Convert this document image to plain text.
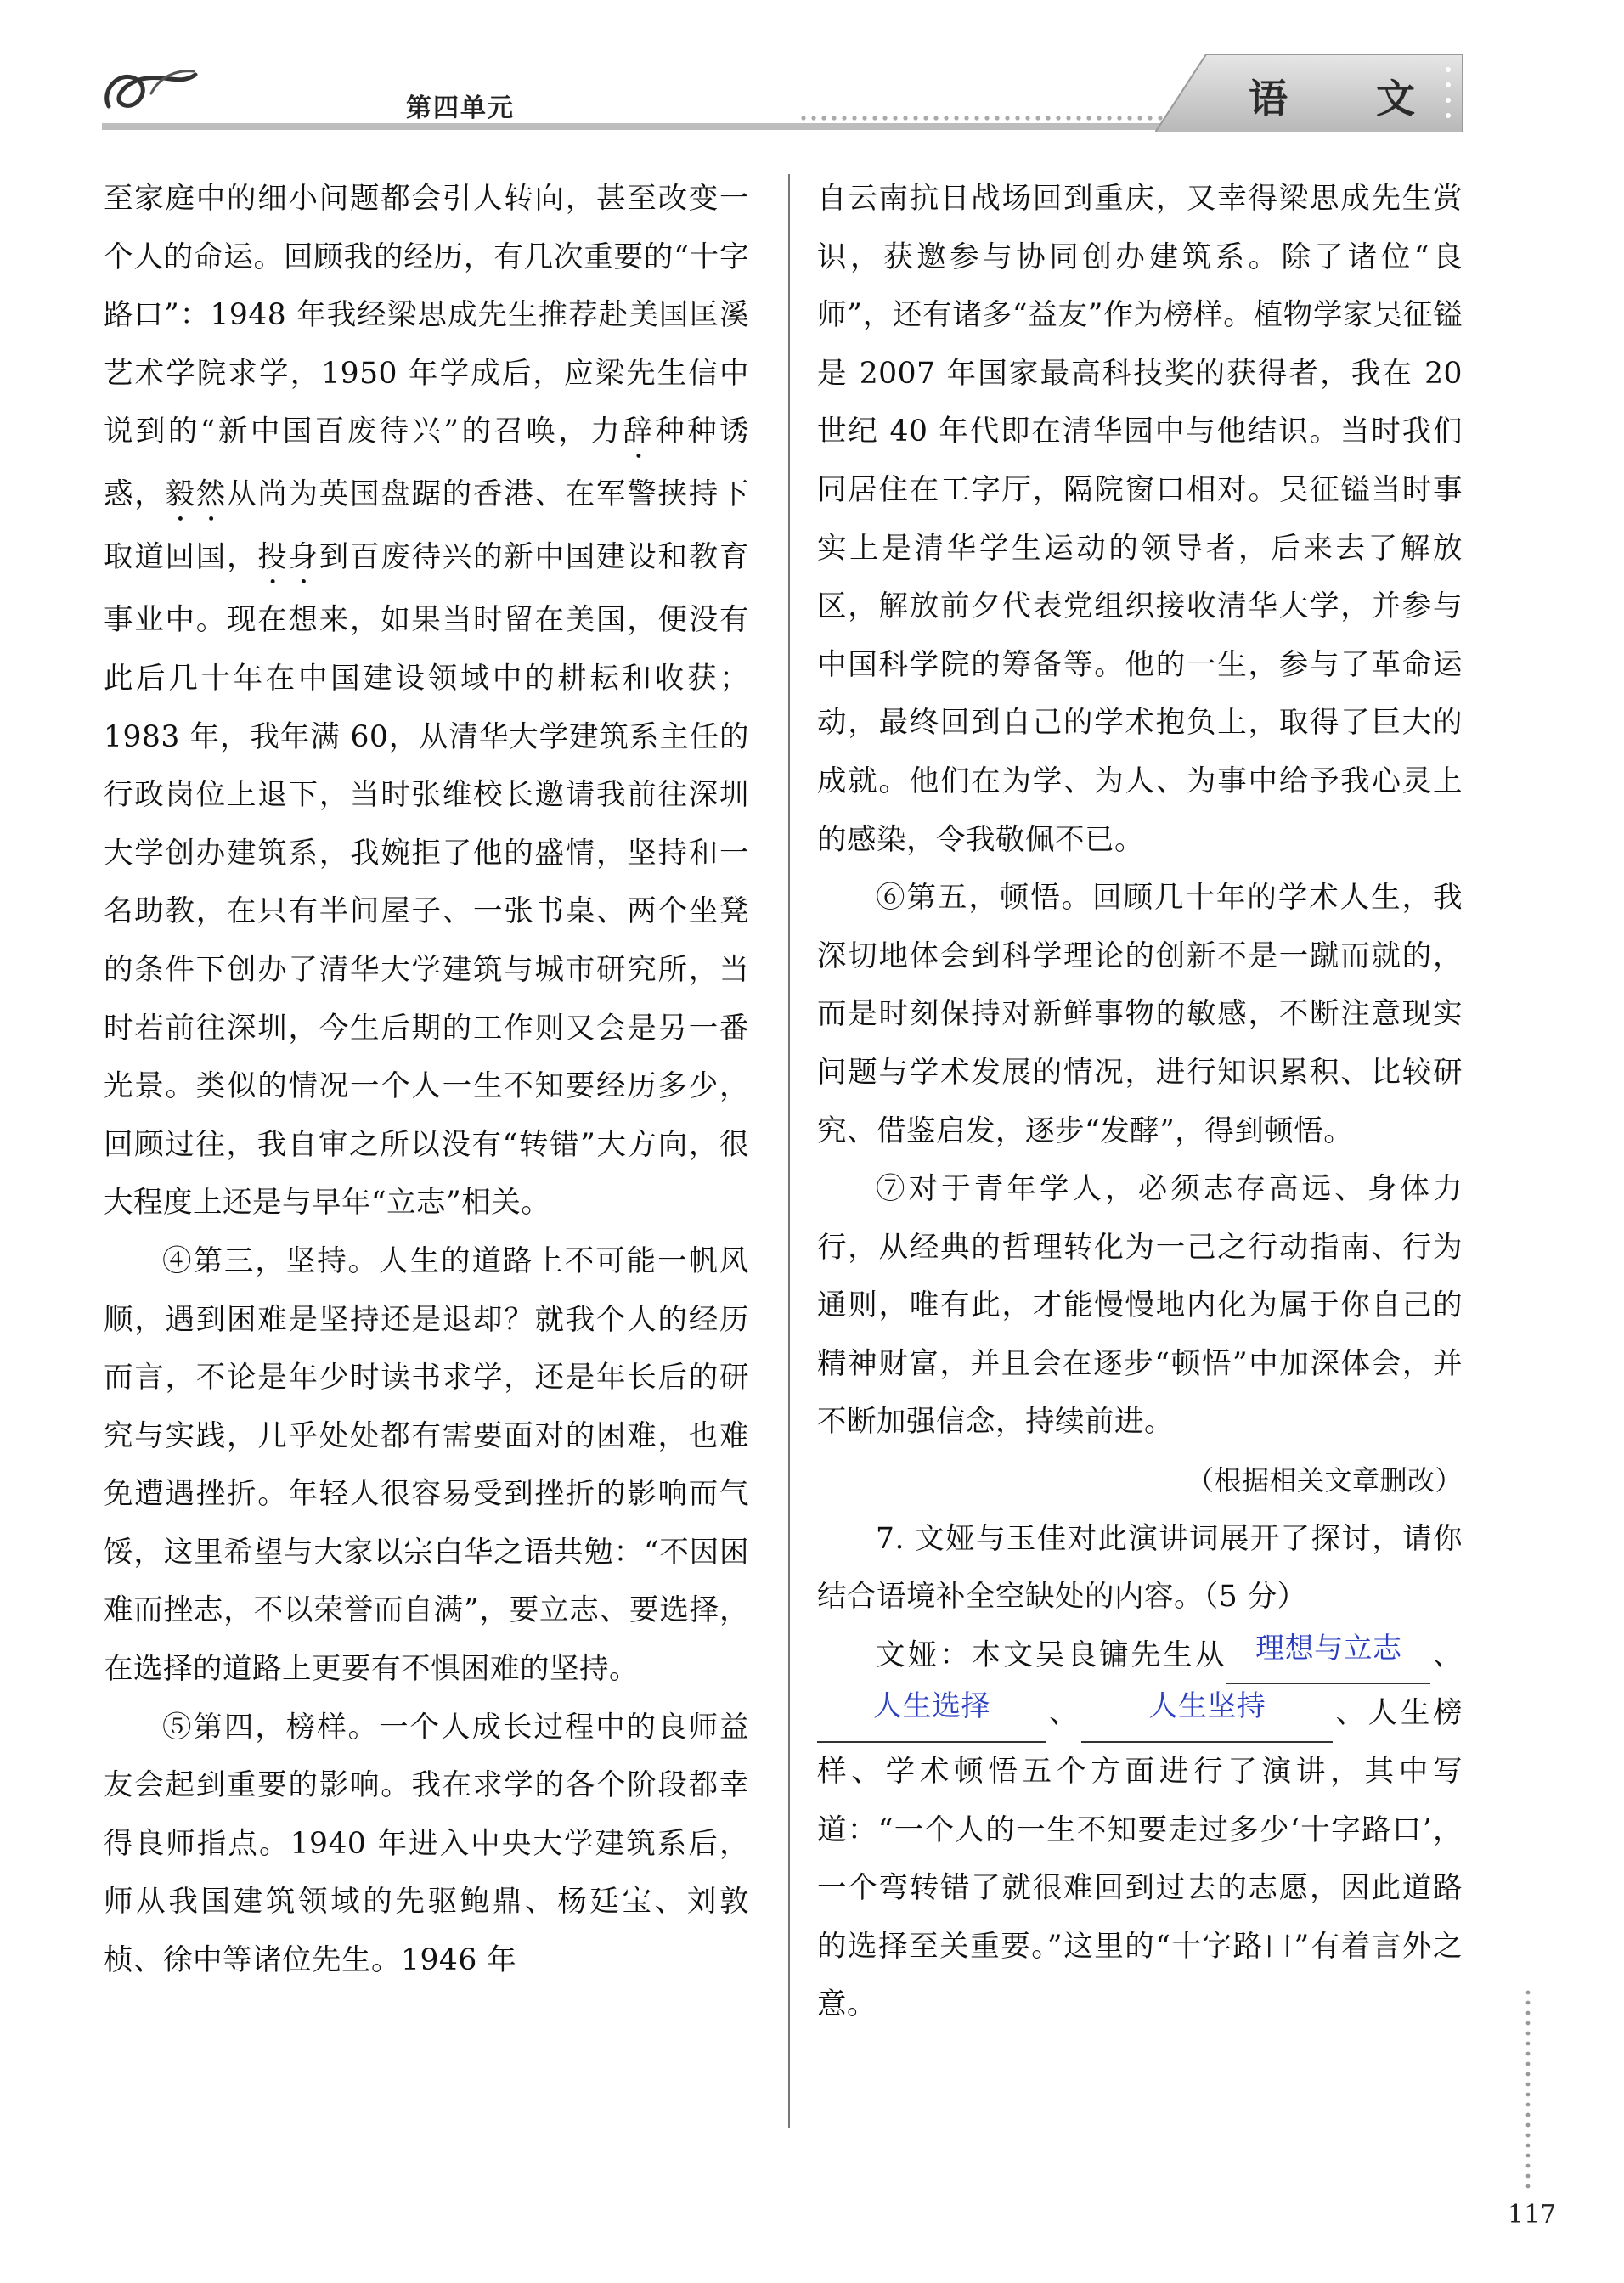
第四单元	语 文

至家庭中的细小问题都会引人转向，甚至改变一个人的命运。回顾我的经历，有几次重要的“十字路口”：1948 年我经梁思成先生推荐赴美国匡溪艺术学院求学，1950 年学成后，应梁先生信中说到的“新中国百废待兴”的召唤，力辞种种诱惑，毅然从尚为英国盘踞的香港、在军警挟持下取道回国，投身到百废待兴的新中国建设和教育事业中。现在想来，如果当时留在美国，便没有此后几十年在中国建设领域中的耕耘和收获；1983 年，我年满 60，从清华大学建筑系主任的行政岗位上退下，当时张维校长邀请我前往深圳大学创办建筑系，我婉拒了他的盛情，坚持和一名助教，在只有半间屋子、一张书桌、两个坐凳的条件下创办了清华大学建筑与城市研究所，当时若前往深圳，今生后期的工作则又会是另一番光景。类似的情况一个人一生不知要经历多少，回顾过往，我自审之所以没有“转错”大方向，很大程度上还是与早年“立志”相关。

④第三，坚持。人生的道路上不可能一帆风顺，遇到困难是坚持还是退却？就我个人的经历而言，不论是年少时读书求学，还是年长后的研究与实践，几乎处处都有需要面对的困难，也难免遭遇挫折。年轻人很容易受到挫折的影响而气馁，这里希望与大家以宗白华之语共勉：“不因困难而挫志，不以荣誉而自满”，要立志、要选择，在选择的道路上更要有不惧困难的坚持。

⑤第四，榜样。一个人成长过程中的良师益友会起到重要的影响。我在求学的各个阶段都幸得良师指点。1940 年进入中央大学建筑系后，师从我国建筑领域的先驱鲍鼎、杨廷宝、刘敦桢、徐中等诸位先生。1946 年

自云南抗日战场回到重庆，又幸得梁思成先生赏识，获邀参与协同创办建筑系。除了诸位“良师”，还有诸多“益友”作为榜样。植物学家吴征镒是 2007 年国家最高科技奖的获得者，我在 20 世纪 40 年代即在清华园中与他结识。当时我们同居住在工字厅，隔院窗口相对。吴征镒当时事实上是清华学生运动的领导者，后来去了解放区，解放前夕代表党组织接收清华大学，并参与中国科学院的筹备等。他的一生，参与了革命运动，最终回到自己的学术抱负上，取得了巨大的成就。他们在为学、为人、为事中给予我心灵上的感染，令我敬佩不已。

⑥第五，顿悟。回顾几十年的学术人生，我深切地体会到科学理论的创新不是一蹴而就的，而是时刻保持对新鲜事物的敏感，不断注意现实问题与学术发展的情况，进行知识累积、比较研究、借鉴启发，逐步“发酵”，得到顿悟。

⑦对于青年学人，必须志存高远、身体力行，从经典的哲理转化为一己之行动指南、行为通则，唯有此，才能慢慢地内化为属于你自己的精神财富，并且会在逐步“顿悟”中加深体会，并不断加强信念，持续前进。

（根据相关文章删改）

7. 文娅与玉佳对此演讲词展开了探讨，请你结合语境补全空缺处的内容。（5 分）

文娅：本文吴良镛先生从 理想与立志 、
人生选择	、	人生坚持	、人生榜样、学术顿悟五个方面进行了演讲，其中写道：“一个人的一生不知要走过多少‘十字路口’，一个弯转错了就很难回到过去的志愿，因此道路的选择至关重要。”这里的“十字路口”有着言外之意。

117
